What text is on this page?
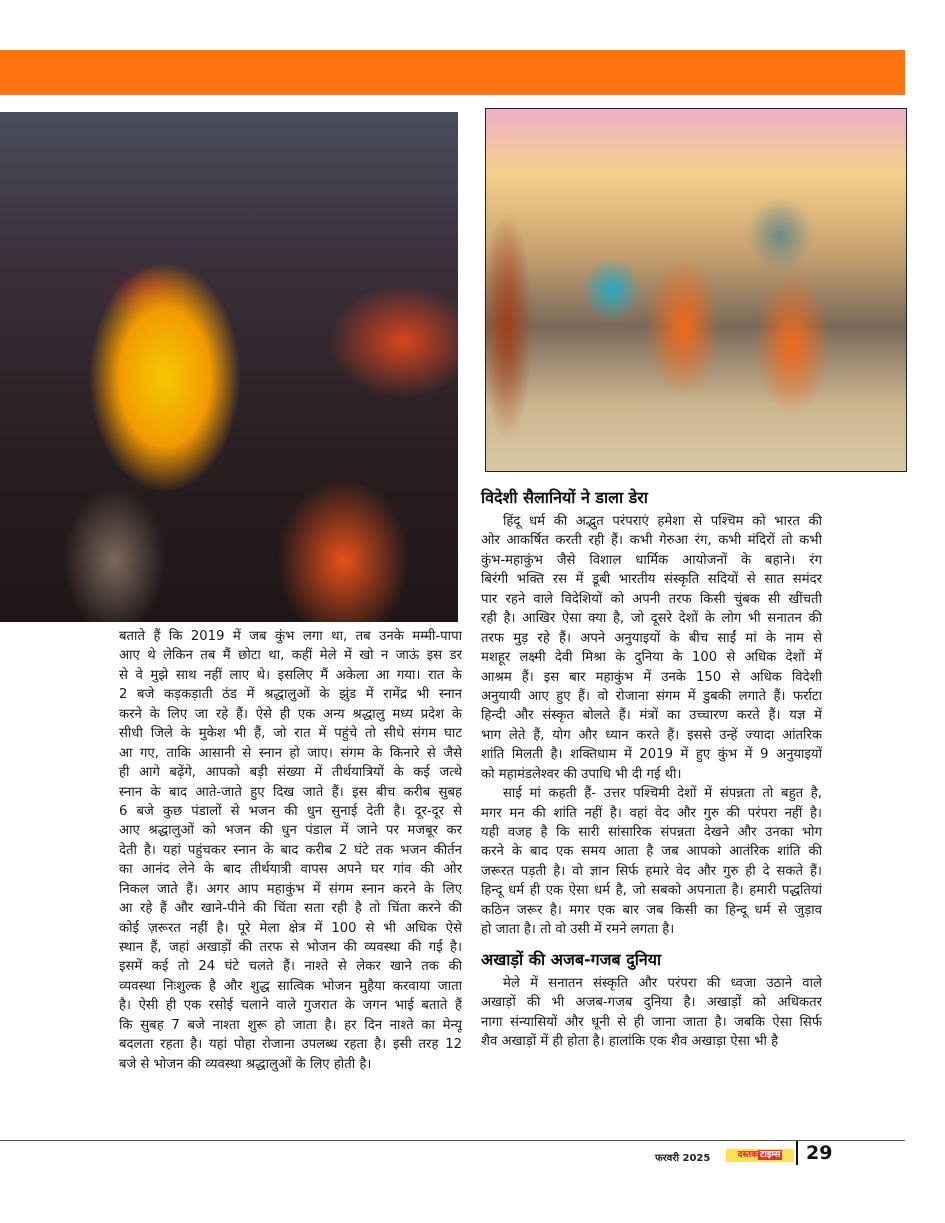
बताते हैं कि 2019 में जब कुंभ लगा था, तब उनके मम्मी-पापा
आए थे लेकिन तब मैं छोटा था, कहीं मेले में खो न जाऊं इस डर
से वे मुझे साथ नहीं लाए थे। इसलिए मैं अकेला आ गया। रात के
2 बजे कड़कड़ाती ठंड में श्रद्धालुओं के झुंड में रामेंद्र भी स्नान
करने के लिए जा रहे हैं। ऐसे ही एक अन्य श्रद्धालु मध्य प्रदेश के
सीधी जिले के मुकेश भी हैं, जो रात में पहुंचे तो सीधे संगम घाट
आ गए, ताकि आसानी से स्नान हो जाए। संगम के किनारे से जैसे
ही आगे बढ़ेंगे, आपको बड़ी संख्या में तीर्थयात्रियों के कई जत्थे
स्नान के बाद आते-जाते हुए दिख जाते हैं। इस बीच करीब सुबह
6 बजे कुछ पंडालों से भजन की धुन सुनाई देती है। दूर-दूर से
आए श्रद्धालुओं को भजन की धुन पंडाल में जाने पर मजबूर कर
देती है। यहां पहुंचकर स्नान के बाद करीब 2 घंटे तक भजन कीर्तन
का आनंद लेने के बाद तीर्थयात्री वापस अपने घर गांव की ओर
निकल जाते हैं। अगर आप महाकुंभ में संगम स्नान करने के लिए
आ रहे हैं और खाने-पीने की चिंता सता रही है तो चिंता करने की
कोई ज़रूरत नहीं है। पूरे मेला क्षेत्र में 100 से भी अधिक ऐसे
स्थान हैं, जहां अखाड़ों की तरफ से भोजन की व्यवस्था की गई है।
इसमें कई तो 24 घंटे चलते हैं। नाश्ते से लेकर खाने तक की
व्यवस्था निःशुल्क है और शुद्ध सात्विक भोजन मुहैया करवाया जाता
है। ऐसी ही एक रसोई चलाने वाले गुजरात के जगन भाई बताते हैं
कि सुबह 7 बजे नाश्ता शुरू हो जाता है। हर दिन नाश्ते का मेन्यू
बदलता रहता है। यहां पोहा रोजाना उपलब्ध रहता है। इसी तरह 12
बजे से भोजन की व्यवस्था श्रद्धालुओं के लिए होती है।
विदेशी सैलानियों ने डाला डेरा
हिंदू धर्म की अद्भुत परंपराएं हमेशा से पश्चिम को भारत की
ओर आकर्षित करती रही हैं। कभी गेरुआ रंग, कभी मंदिरों तो कभी
कुंभ-महाकुंभ जैसे विशाल धार्मिक आयोजनों के बहाने। रंग
बिरंगी भक्ति रस में डूबी भारतीय संस्कृति सदियों से सात समंदर
पार रहने वाले विदेशियों को अपनी तरफ किसी चुंबक सी खींचती
रही है। आखिर ऐसा क्या है, जो दूसरे देशों के लोग भी सनातन की
तरफ मुड़ रहे हैं। अपने अनुयाइयों के बीच साईं मां के नाम से
मशहूर लक्ष्मी देवी मिश्रा के दुनिया के 100 से अधिक देशों में
आश्रम हैं। इस बार महाकुंभ में उनके 150 से अधिक विदेशी
अनुयायी आए हुए हैं। वो रोजाना संगम में डुबकी लगाते हैं। फर्राटा
हिन्दी और संस्कृत बोलते हैं। मंत्रों का उच्चारण करते हैं। यज्ञ में
भाग लेते हैं, योग और ध्यान करते हैं। इससे उन्हें ज्यादा आंतरिक
शांति मिलती है। शक्तिधाम में 2019 में हुए कुंभ में 9 अनुयाइयों
को महामंडलेश्वर की उपाधि भी दी गई थी।
साई मां कहती हैं- उत्तर पश्चिमी देशों में संपन्नता तो बहुत है,
मगर मन की शांति नहीं है। वहां वेद और गुरु की परंपरा नहीं है।
यही वजह है कि सारी सांसारिक संपन्नता देखने और उनका भोग
करने के बाद एक समय आता है जब आपको आतंरिक शांति की
जरूरत पड़ती है। वो ज्ञान सिर्फ हमारे वेद और गुरु ही दे सकते हैं।
हिन्दू धर्म ही एक ऐसा धर्म है, जो सबको अपनाता है। हमारी पद्धतियां
कठिन जरूर है। मगर एक बार जब किसी का हिन्दू धर्म से जुड़ाव
हो जाता है। तो वो उसी में रमने लगता है।
अखाड़ों की अजब-गजब दुनिया
मेले में सनातन संस्कृति और परंपरा की ध्वजा उठाने वाले
अखाड़ों की भी अजब-गजब दुनिया है। अखाड़ों को अधिकतर
नागा संन्यासियों और धूनी से ही जाना जाता है। जबकि ऐसा सिर्फ
शैव अखाड़ों में ही होता है। हालांकि एक शैव अखाड़ा ऐसा भी है
फरवरी 2025	दस्तक टाइम्स	29
